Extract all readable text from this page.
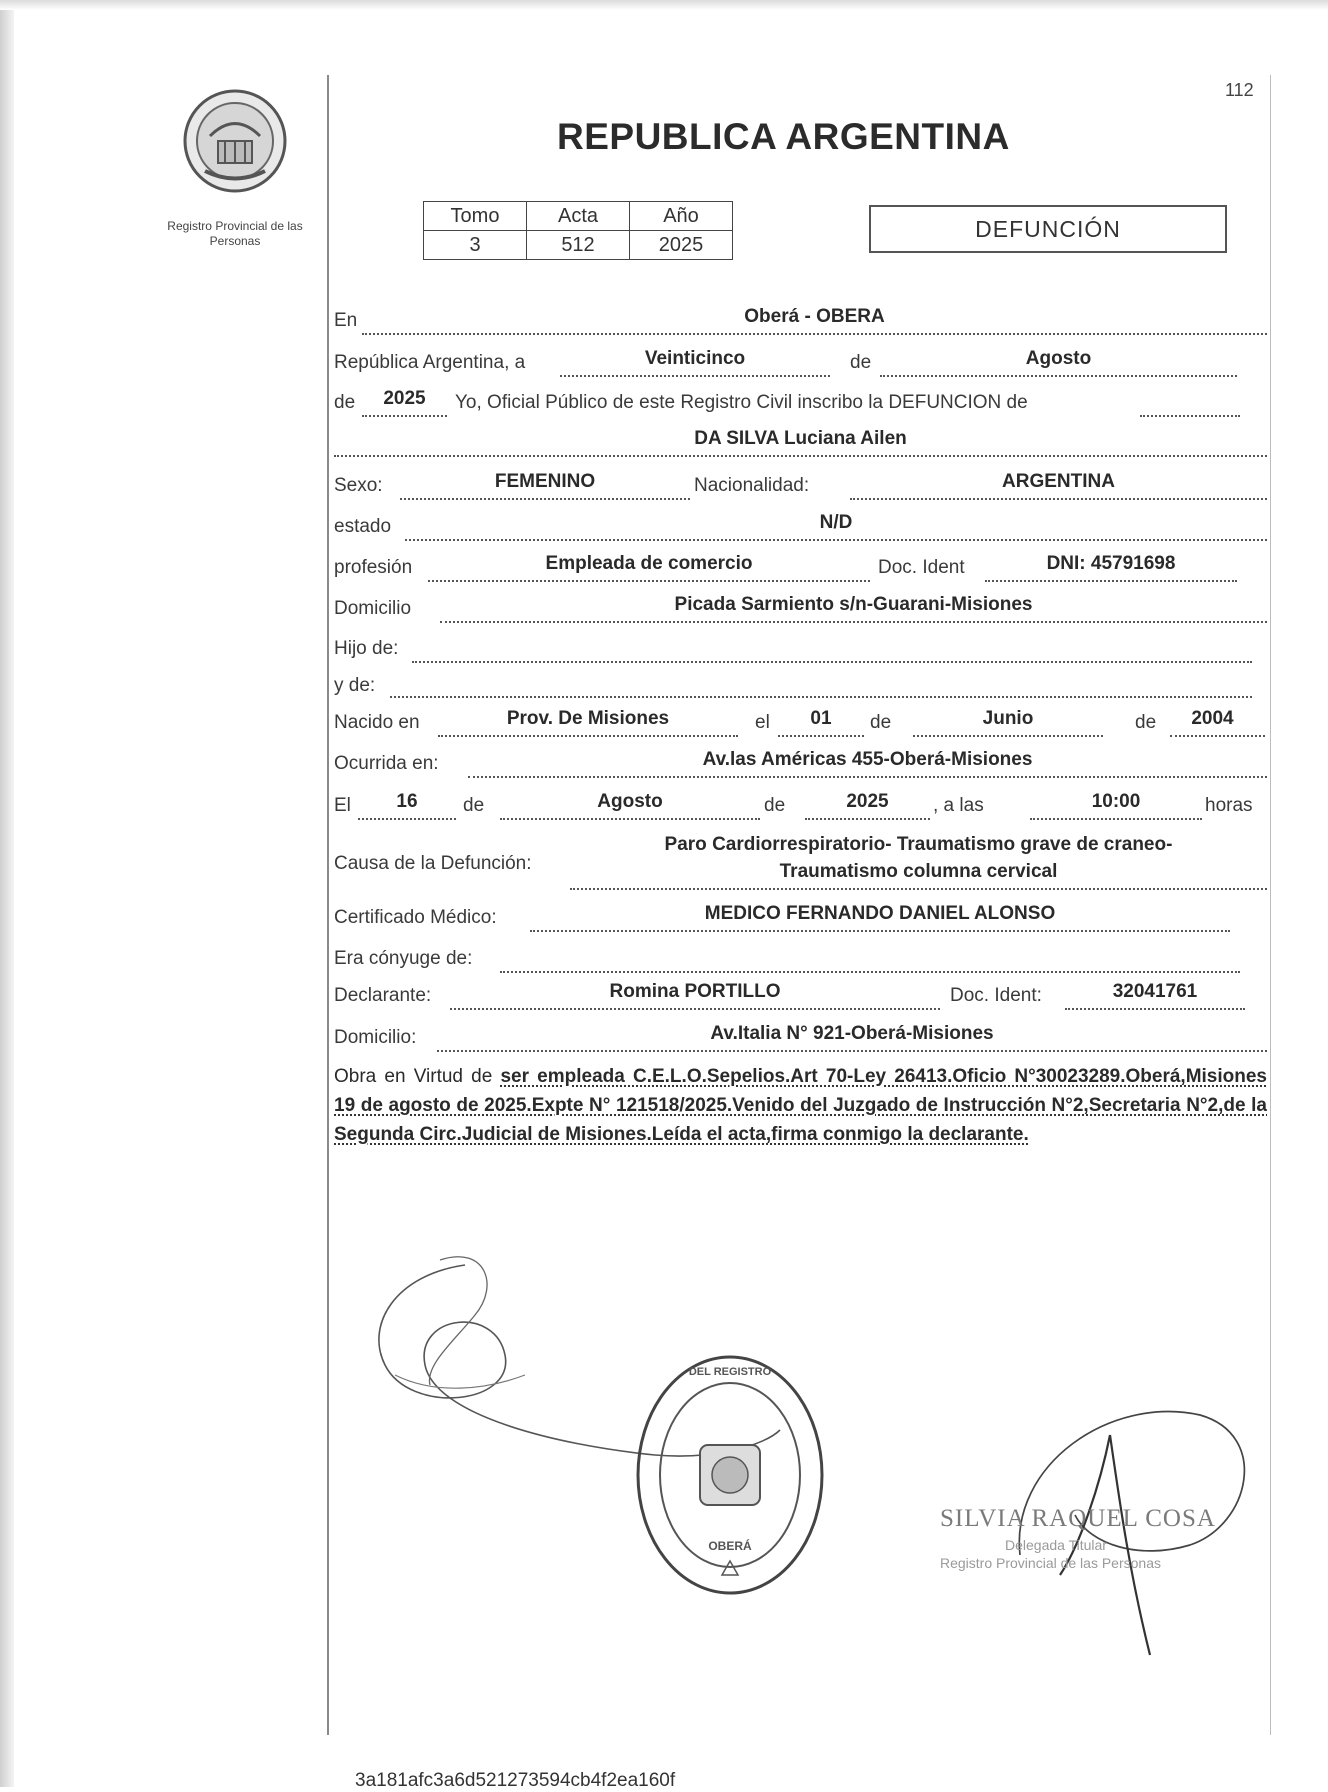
112
REPUBLICA ARGENTINA
Registro Provincial de las Personas
Tomo	Acta	Año
3	512	2025
DEFUNCIÓN
En	Oberá - OBERA
República Argentina, a	Veinticinco	de	Agosto
de	2025	Yo, Oficial Público de este Registro Civil inscribo la DEFUNCION de
DA SILVA Luciana Ailen
Sexo:	FEMENINO	Nacionalidad:	ARGENTINA
estado	N/D
profesión	Empleada de comercio	Doc. Ident	DNI: 45791698
Domicilio	Picada Sarmiento s/n-Guarani-Misiones
Hijo de:
y de:
Nacido en	Prov. De Misiones	el	01	de	Junio	de	2004
Ocurrida en:	Av.las Américas 455-Oberá-Misiones
El	16	de	Agosto	de	2025	, a las	10:00	horas
Causa de la Defunción:
Paro Cardiorrespiratorio- Traumatismo grave de craneo-
Traumatismo columna cervical
Certificado Médico:	MEDICO FERNANDO DANIEL ALONSO
Era cónyuge de:
Declarante:	Romina PORTILLO	Doc. Ident:	32041761
Domicilio:	Av.Italia N° 921-Oberá-Misiones
Obra en Virtud de ser empleada C.E.L.O.Sepelios.Art 70-Ley 26413.Oficio N°30023289.Oberá,Misiones 19 de agosto de 2025.Expte N° 121518/2025.Venido del Juzgado de Instrucción N°2,Secretaria N°2,de la Segunda Circ.Judicial de Misiones.Leída el acta,firma conmigo la declarante.
DEL REGISTRO
OBERÁ
SILVIA RAQUEL COSA
Delegada Titular
Registro Provincial de las Personas
3a181afc3a6d521273594cb4f2ea160f
